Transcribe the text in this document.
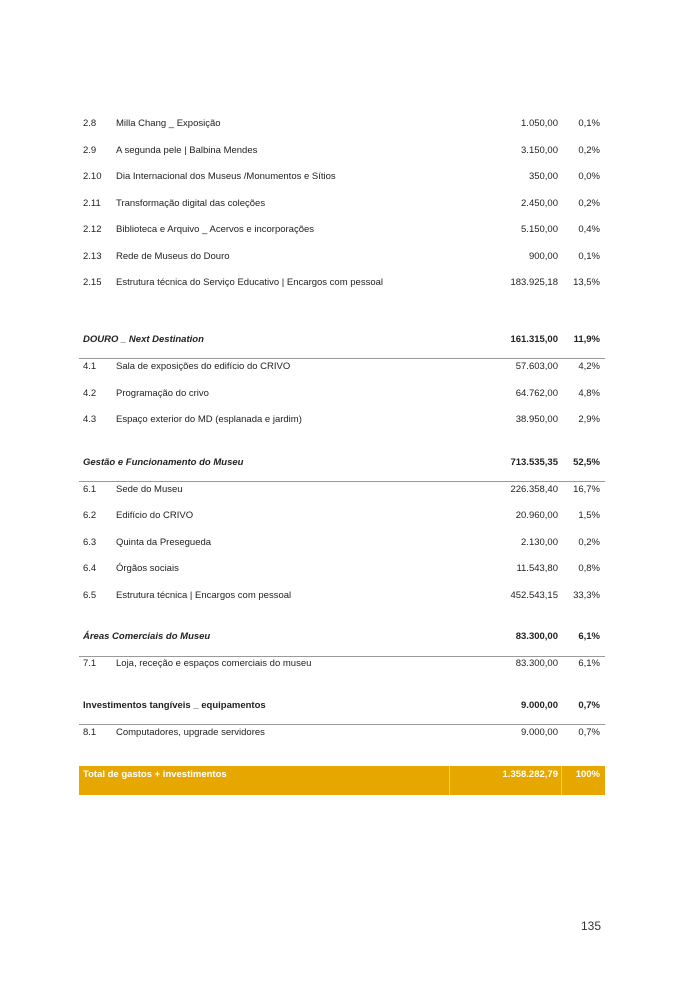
2.8 Milla Chang _ Exposição	1.050,00 0,1%
2.9 A segunda pele | Balbina Mendes	3.150,00 0,2%
2.10 Dia Internacional dos Museus /Monumentos e Sítios	350,00 0,0%
2.11 Transformação digital das coleções	2.450,00 0,2%
2.12 Biblioteca e Arquivo _ Acervos e incorporações	5.150,00 0,4%
2.13 Rede de Museus do Douro	900,00 0,1%
2.15 Estrutura técnica do Serviço Educativo | Encargos com pessoal	183.925,18 13,5%
DOURO _ Next Destination	161.315,00 11,9%
4.1 Sala de exposições do edifício do CRIVO	57.603,00 4,2%
4.2 Programação do crivo	64.762,00 4,8%
4.3 Espaço exterior do MD (esplanada e jardim)	38.950,00 2,9%
Gestão e Funcionamento do Museu	713.535,35 52,5%
6.1 Sede do Museu	226.358,40 16,7%
6.2 Edifício do CRIVO	20.960,00 1,5%
6.3 Quinta da Presegueda	2.130,00 0,2%
6.4 Órgãos sociais	11.543,80 0,8%
6.5 Estrutura técnica | Encargos com pessoal	452.543,15 33,3%
Áreas Comerciais do Museu	83.300,00 6,1%
7.1 Loja, receção e espaços comerciais do museu	83.300,00 6,1%
Investimentos tangíveis _ equipamentos	9.000,00 0,7%
8.1 Computadores, upgrade servidores	9.000,00 0,7%
Total de gastos + investimentos	1.358.282,79 100%
135
